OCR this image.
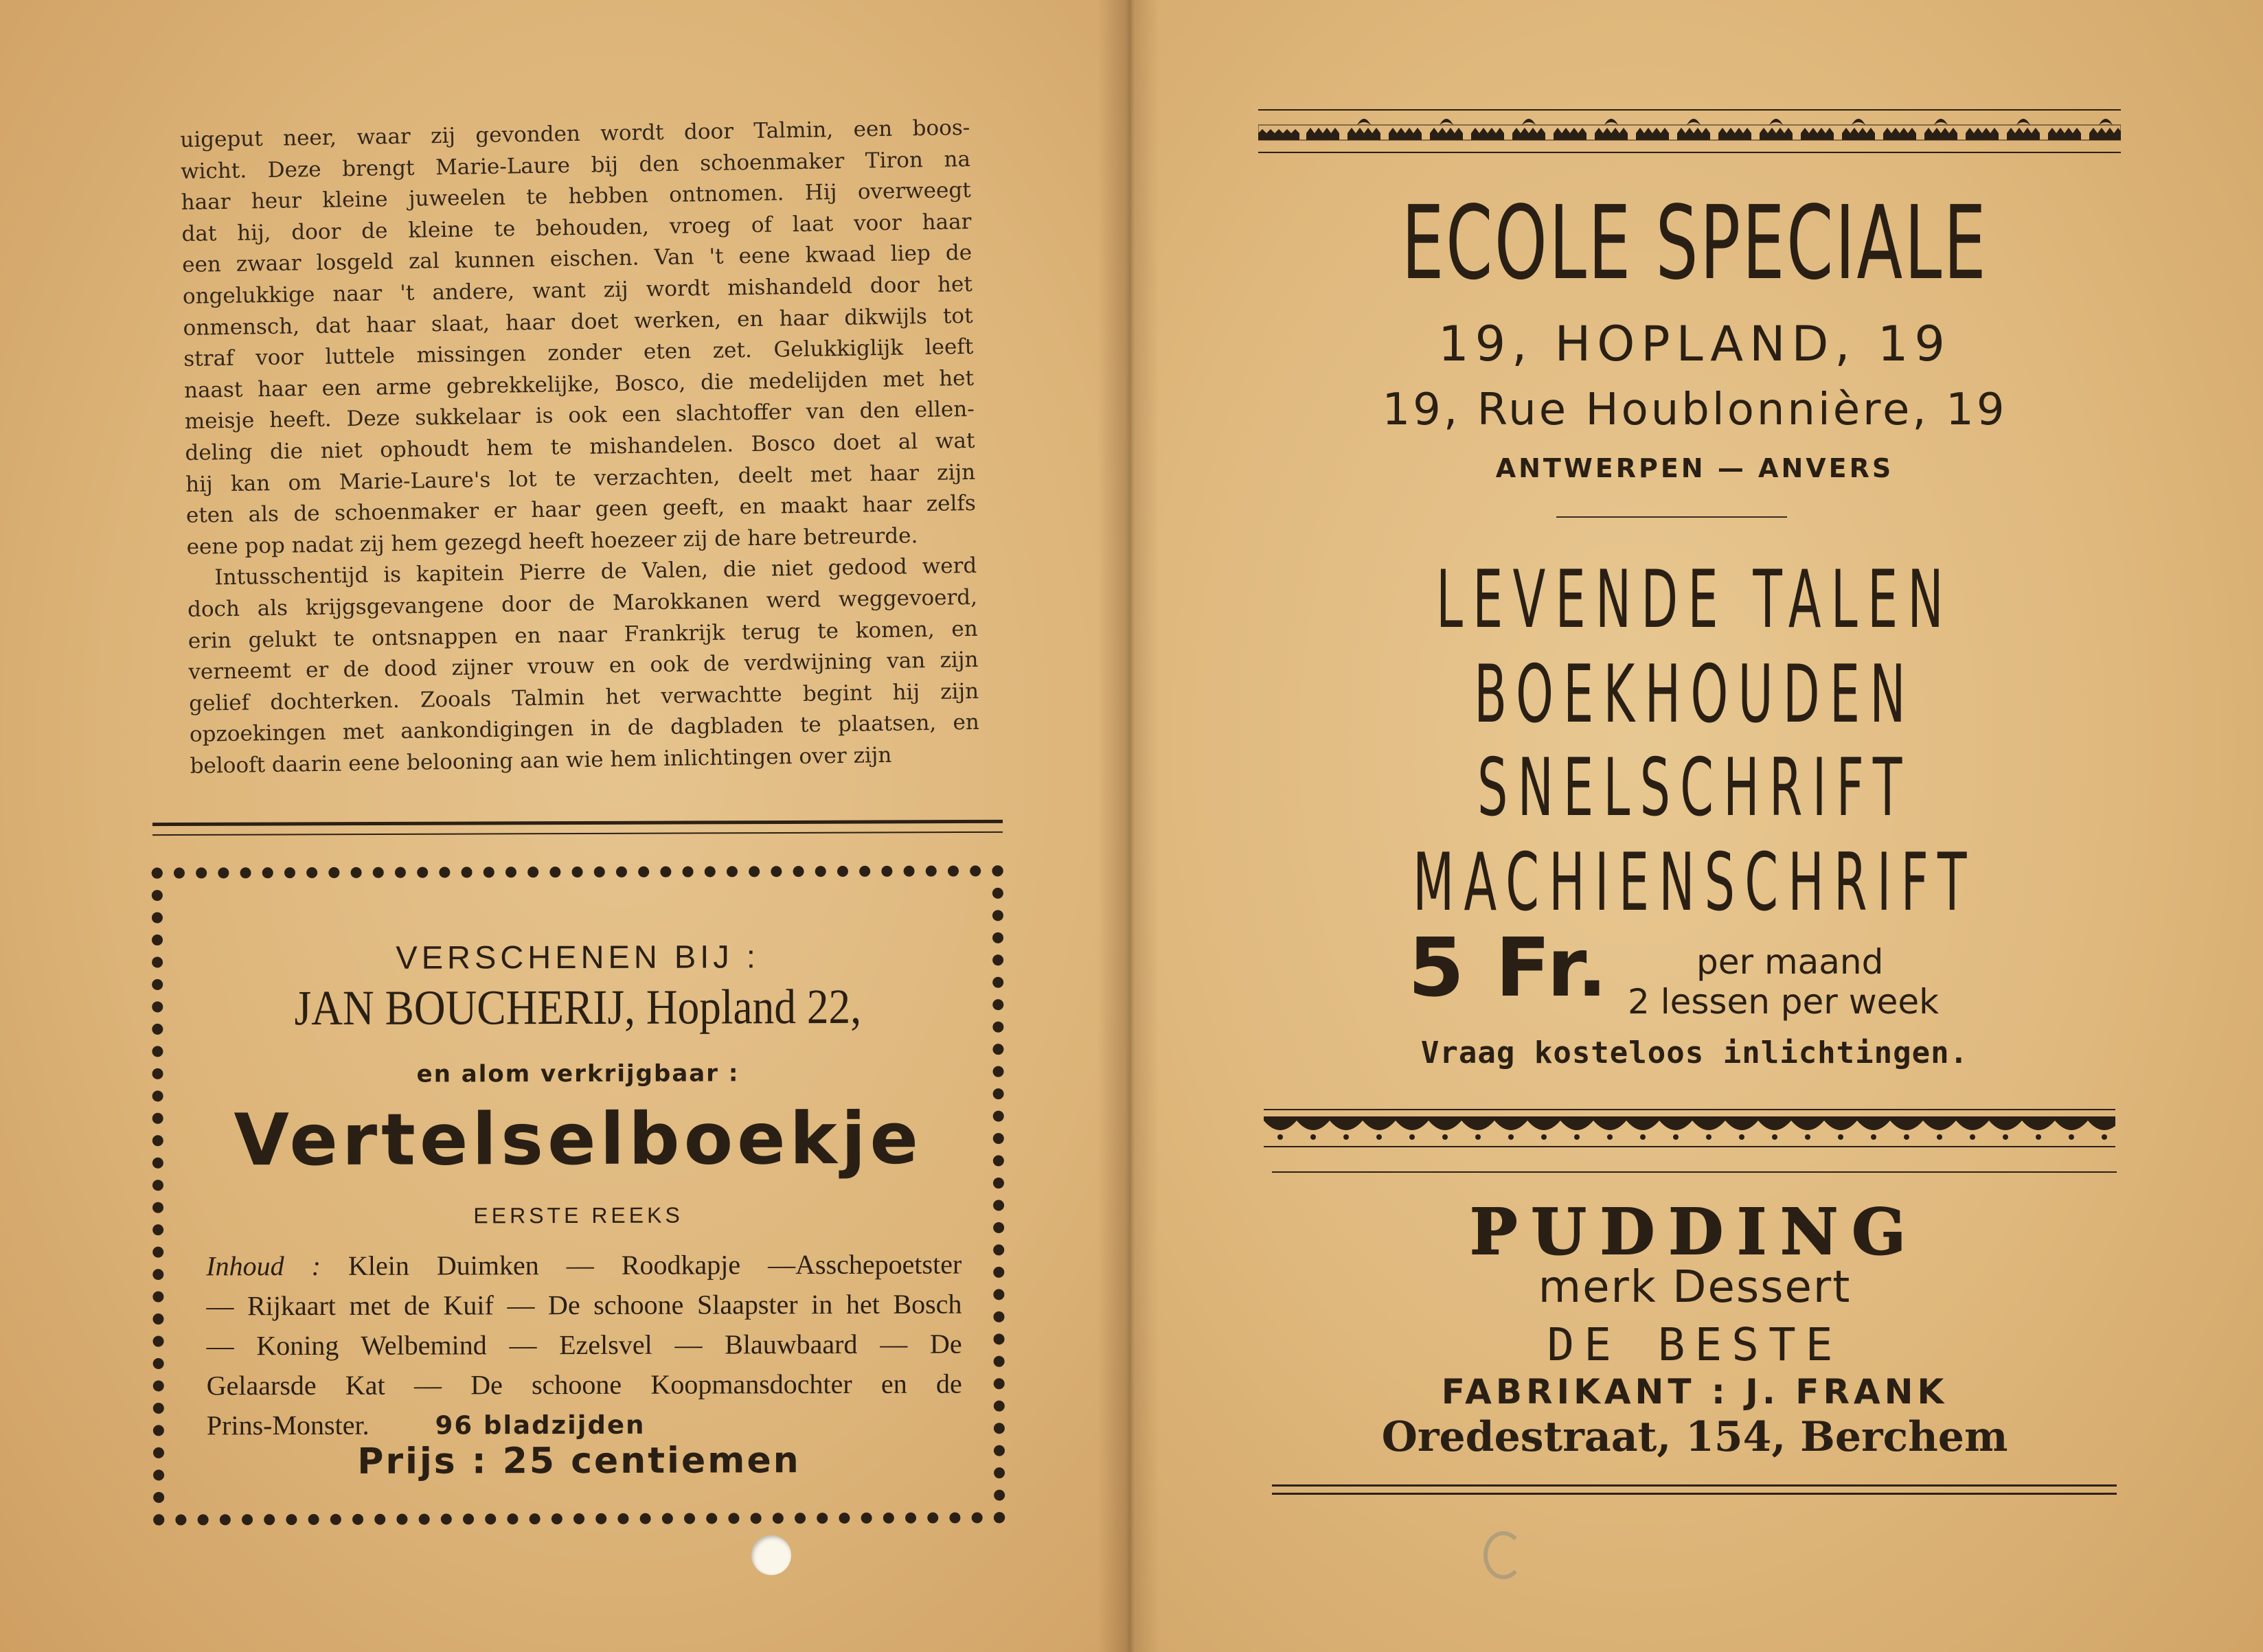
uigeput neer, waar zij gevonden wordt door Talmin, een boos-
wicht. Deze brengt Marie-Laure bij den schoenmaker Tiron na
haar heur kleine juweelen te hebben ontnomen. Hij overweegt
dat hij, door de kleine te behouden, vroeg of laat voor haar
een zwaar losgeld zal kunnen eischen. Van 't eene kwaad liep de
ongelukkige naar 't andere, want zij wordt mishandeld door het
onmensch, dat haar slaat, haar doet werken, en haar dikwijls tot
straf voor luttele missingen zonder eten zet. Gelukkiglijk leeft
naast haar een arme gebrekkelijke, Bosco, die medelijden met het
meisje heeft. Deze sukkelaar is ook een slachtoffer van den ellen-
deling die niet ophoudt hem te mishandelen. Bosco doet al wat
hij kan om Marie-Laure's lot te verzachten, deelt met haar zijn
eten als de schoenmaker er haar geen geeft, en maakt haar zelfs
eene pop nadat zij hem gezegd heeft hoezeer zij de hare betreurde.
Intusschentijd is kapitein Pierre de Valen, die niet gedood werd
doch als krijgsgevangene door de Marokkanen werd weggevoerd,
erin gelukt te ontsnappen en naar Frankrijk terug te komen, en
verneemt er de dood zijner vrouw en ook de verdwijning van zijn
gelief dochterken. Zooals Talmin het verwachtte begint hij zijn
opzoekingen met aankondigingen in de dagbladen te plaatsen, en
belooft daarin eene belooning aan wie hem inlichtingen over zijn
VERSCHENEN BIJ :
JAN BOUCHERIJ, Hopland 22,
en alom verkrijgbaar :
Vertelselboekje
EERSTE REEKS
Inhoud : Klein Duimken — Roodkapje —Asschepoetster
— Rijkaart met de Kuif — De schoone Slaapster in het Bosch
— Koning Welbemind — Ezelsvel — Blauwbaard — De
Gelaarsde Kat — De schoone Koopmansdochter en de
Prins-Monster.	96 bladzijden
Prijs : 25 centiemen
ECOLE SPECIALE
19, HOPLAND, 19
19, Rue Houblonnière, 19
ANTWERPEN — ANVERS
LEVENDE TALEN
BOEKHOUDEN
SNELSCHRIFT
MACHIENSCHRIFT
5 Fr.	per maand
2 lessen per week
Vraag kosteloos inlichtingen.
PUDDING
merk Dessert
DE BESTE
FABRIKANT : J. FRANK
Oredestraat, 154, Berchem
